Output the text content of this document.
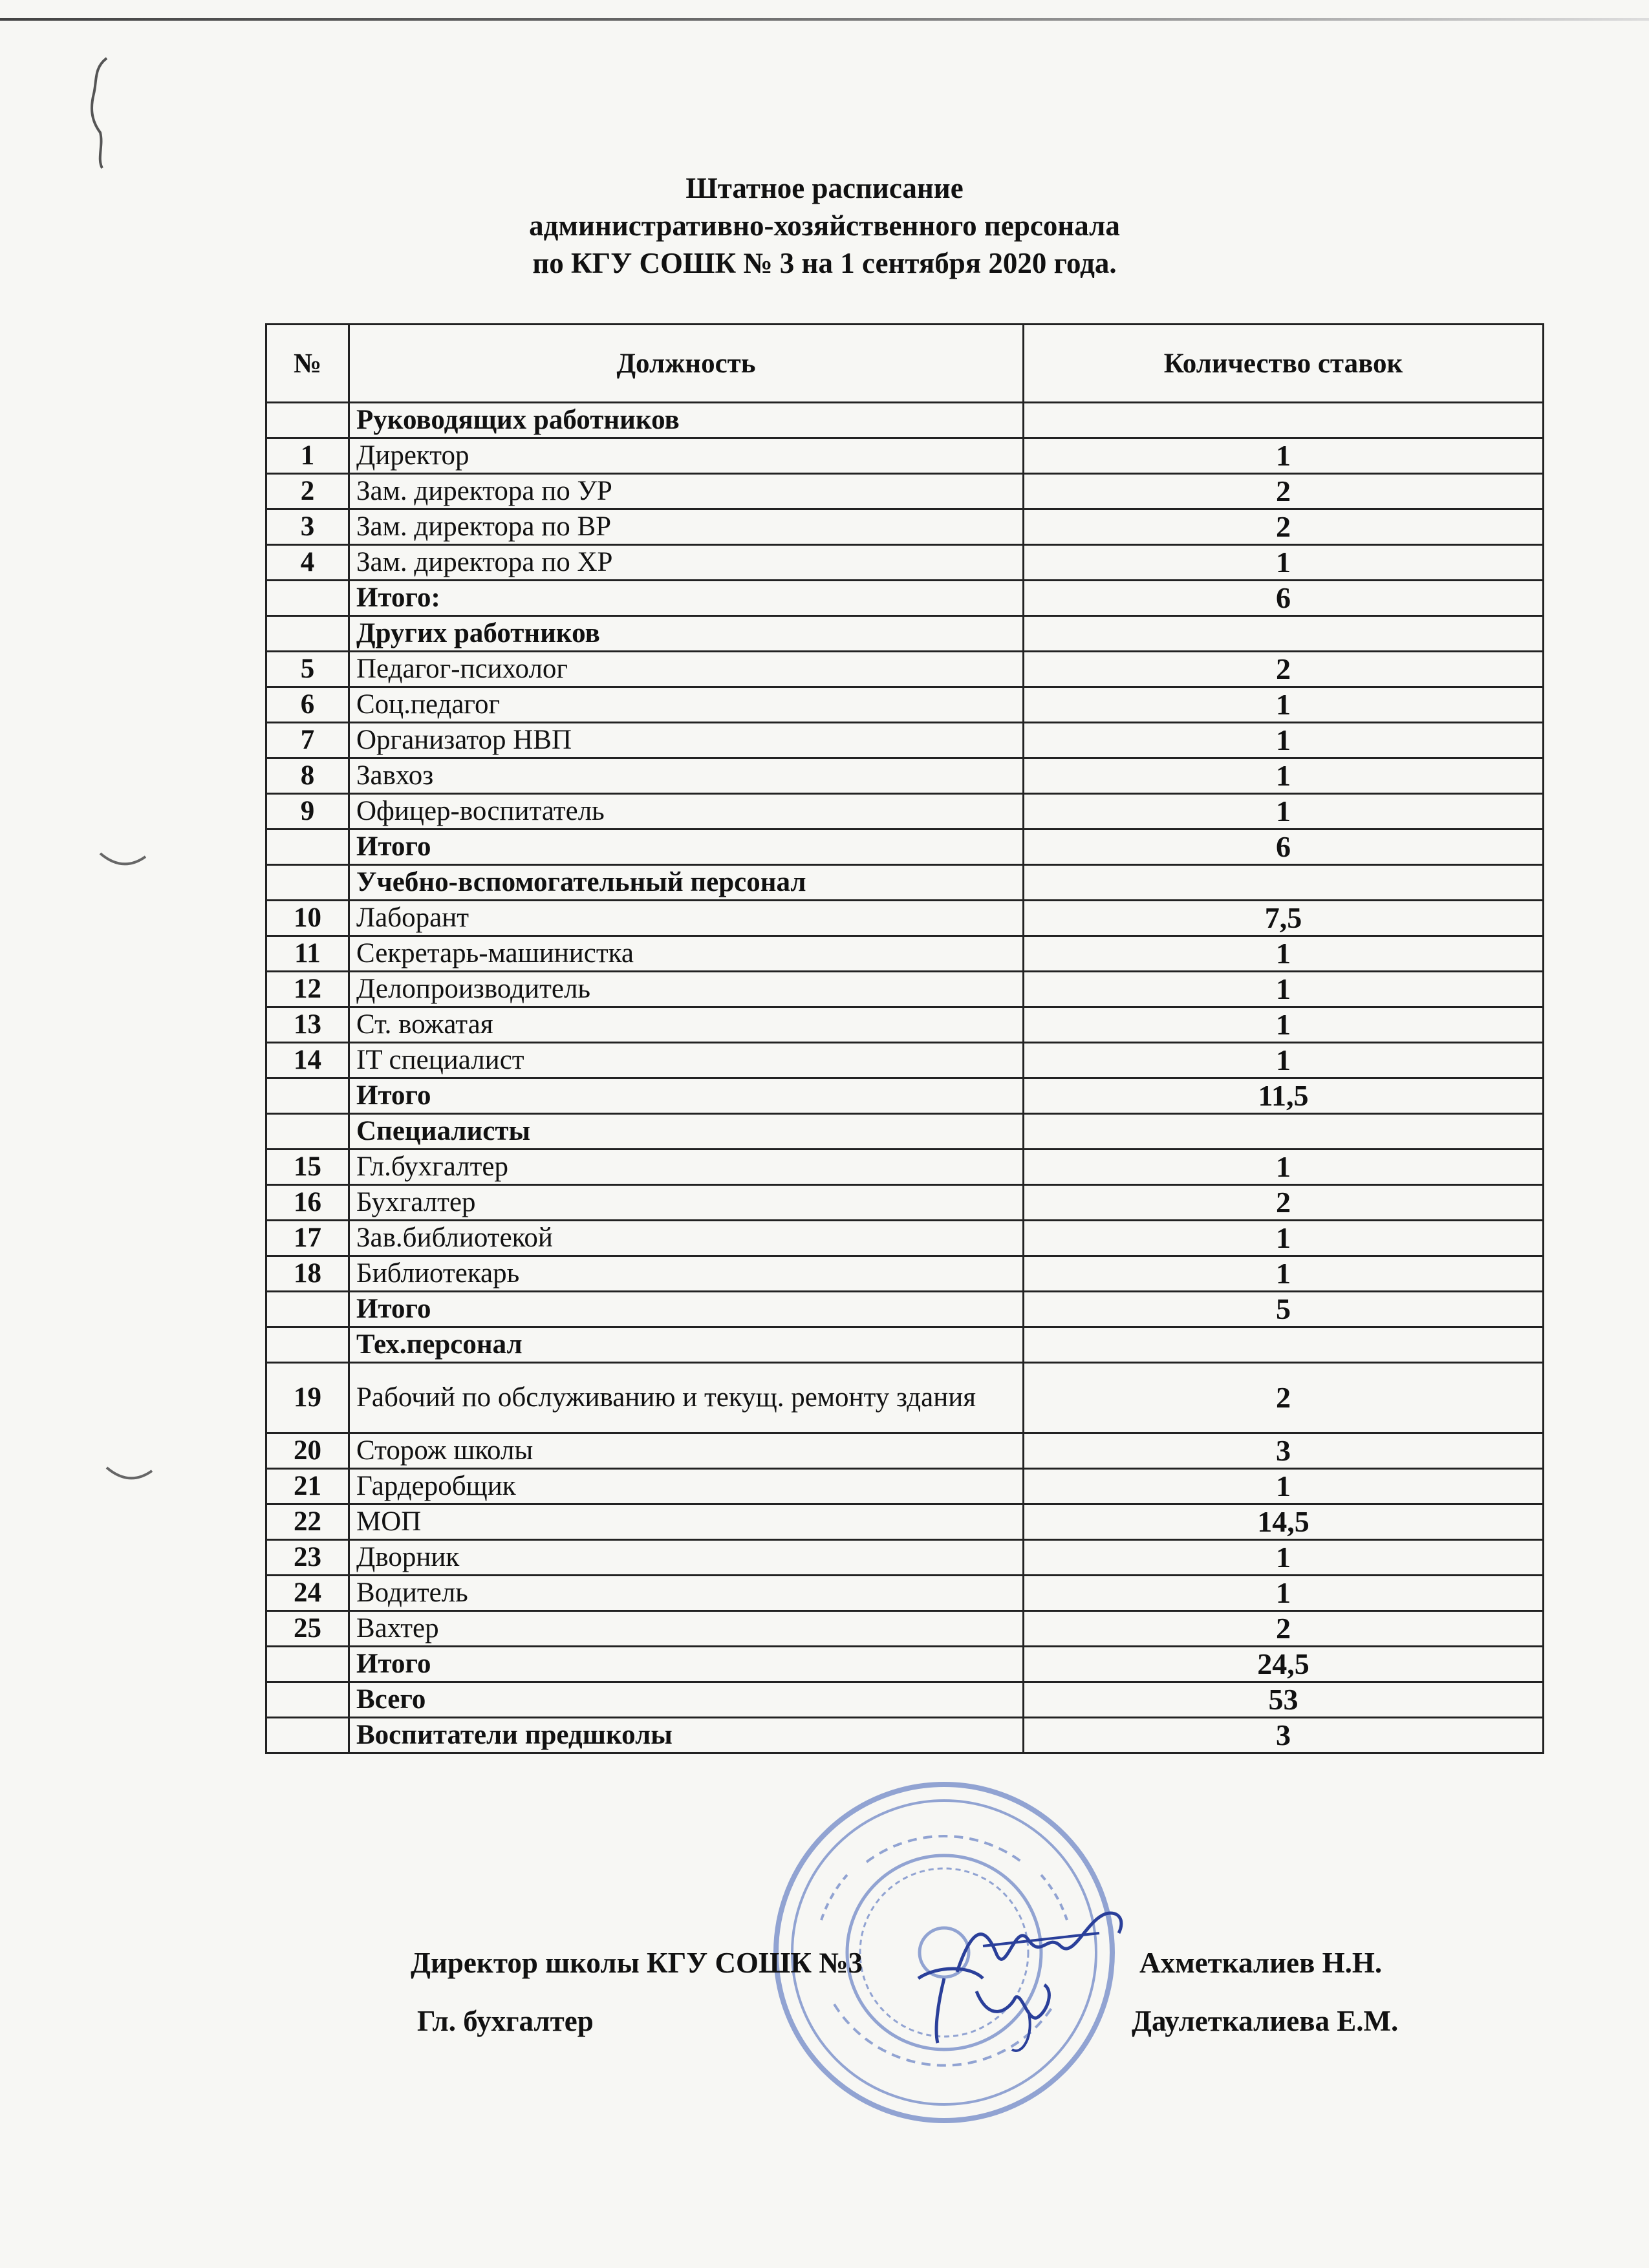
Штатное расписание
административно-хозяйственного персонала
по КГУ СОШК № 3 на 1 сентября 2020 года.
№	Должность	Количество ставок
	Руководящих работников	
1	Директор	1
2	Зам. директора по УР	2
3	Зам. директора по ВР	2
4	Зам. директора по ХР	1
	Итого:	6
	Других работников	
5	Педагог-психолог	2
6	Соц.педагог	1
7	Организатор НВП	1
8	Завхоз	1
9	Офицер-воспитатель	1
	Итого	6
	Учебно-вспомогательный персонал	
10	Лаборант	7,5
11	Секретарь-машинистка	1
12	Делопроизводитель	1
13	Ст. вожатая	1
14	IT специалист	1
	Итого	11,5
	Специалисты	
15	Гл.бухгалтер	1
16	Бухгалтер	2
17	Зав.библиотекой	1
18	Библиотекарь	1
	Итого	5
	Тех.персонал	
19	Рабочий по обслуживанию и текущ. ремонту здания	2
20	Сторож школы	3
21	Гардеробщик	1
22	МОП	14,5
23	Дворник	1
24	Водитель	1
25	Вахтер	2
	Итого	24,5
	Всего	53
	Воспитатели предшколы	3
Директор школы КГУ СОШК №3	Ахметкалиев Н.Н.
Гл. бухгалтер	Даулеткалиева Е.М.
